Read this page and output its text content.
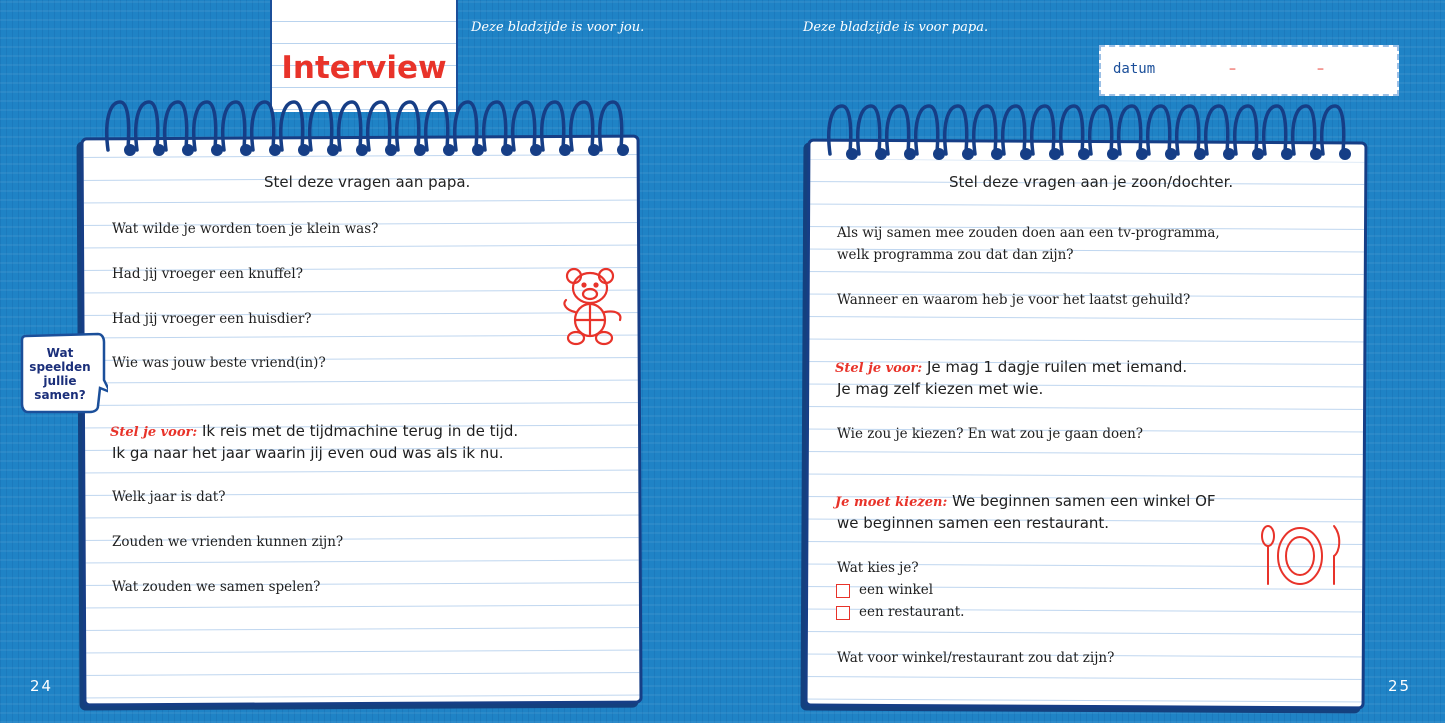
Deze bladzijde is voor jou.	Deze bladzijde is voor papa.
Interview	datum	–	–
Stel deze vragen aan papa.
Wat wilde je worden toen je klein was?
Had jij vroeger een knuffel?
Had jij vroeger een huisdier?
Wie was jouw beste vriend(in)?
Stel je voor: Ik reis met de tijdmachine terug in de tijd.
Ik ga naar het jaar waarin jij even oud was als ik nu.
Welk jaar is dat?
Zouden we vrienden kunnen zijn?
Wat zouden we samen spelen?
Wat
speelden
jullie
samen?
24
Stel deze vragen aan je zoon/dochter.
Als wij samen mee zouden doen aan een tv-programma,
welk programma zou dat dan zijn?
Wanneer en waarom heb je voor het laatst gehuild?
Stel je voor: Je mag 1 dagje ruilen met iemand.
Je mag zelf kiezen met wie.
Wie zou je kiezen? En wat zou je gaan doen?
Je moet kiezen: We beginnen samen een winkel OF
we beginnen samen een restaurant.
Wat kies je?
een winkel
een restaurant.
Wat voor winkel/restaurant zou dat zijn?
25
